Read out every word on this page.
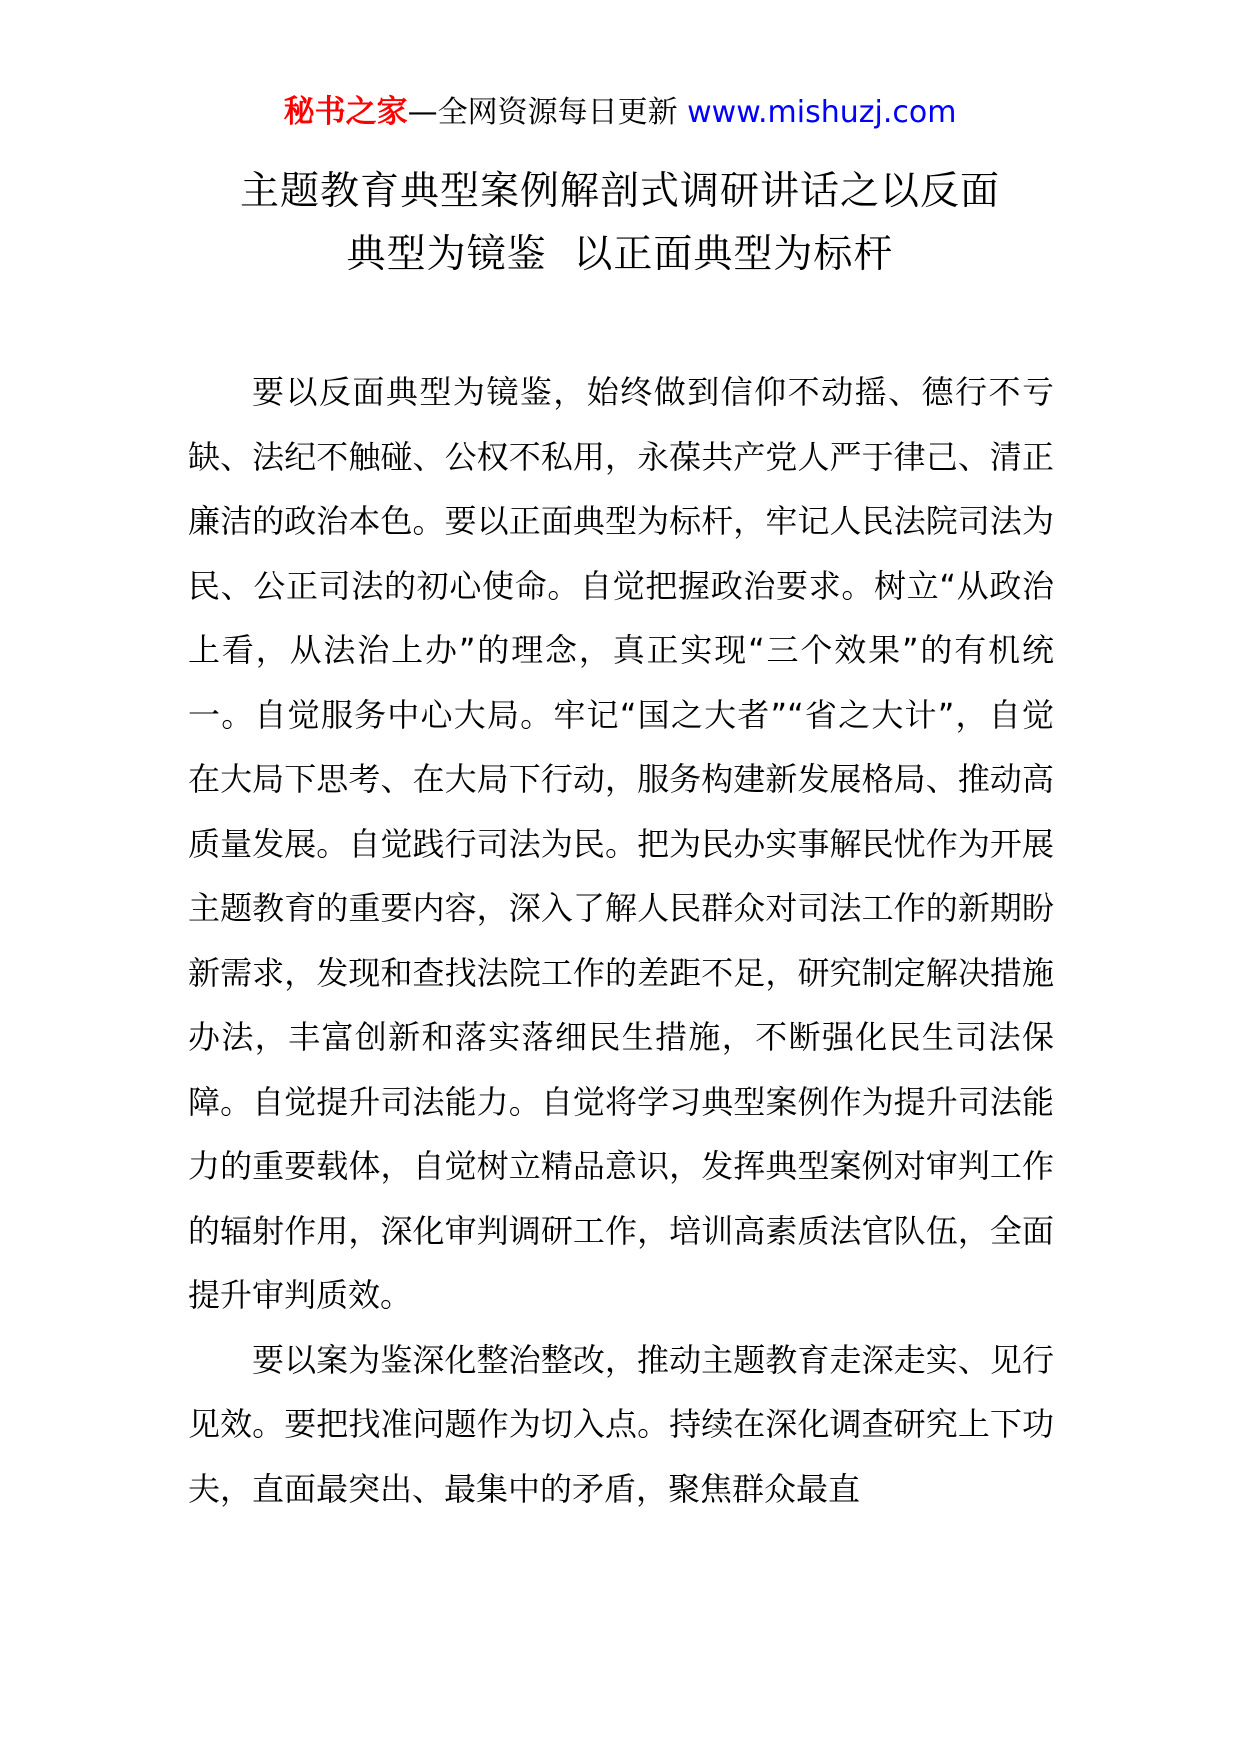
秘书之家—全网资源每日更新 www.mishuzj.com
主题教育典型案例解剖式调研讲话之以反面
典型为镜鉴  以正面典型为标杆

要以反面典型为镜鉴，始终做到信仰不动摇、德行不亏缺、法纪不触碰、公权不私用，永葆共产党人严于律己、清正廉洁的政治本色。要以正面典型为标杆，牢记人民法院司法为民、公正司法的初心使命。自觉把握政治要求。树立“从政治上看，从法治上办”的理念，真正实现“三个效果”的有机统一。自觉服务中心大局。牢记“国之大者”“省之大计”，自觉在大局下思考、在大局下行动，服务构建新发展格局、推动高质量发展。自觉践行司法为民。把为民办实事解民忧作为开展主题教育的重要内容，深入了解人民群众对司法工作的新期盼新需求，发现和查找法院工作的差距不足，研究制定解决措施办法，丰富创新和落实落细民生措施，不断强化民生司法保障。自觉提升司法能力。自觉将学习典型案例作为提升司法能力的重要载体，自觉树立精品意识，发挥典型案例对审判工作的辐射作用，深化审判调研工作，培训高素质法官队伍，全面提升审判质效。

要以案为鉴深化整治整改，推动主题教育走深走实、见行见效。要把找准问题作为切入点。持续在深化调查研究上下功夫，直面最突出、最集中的矛盾，聚焦群众最直
